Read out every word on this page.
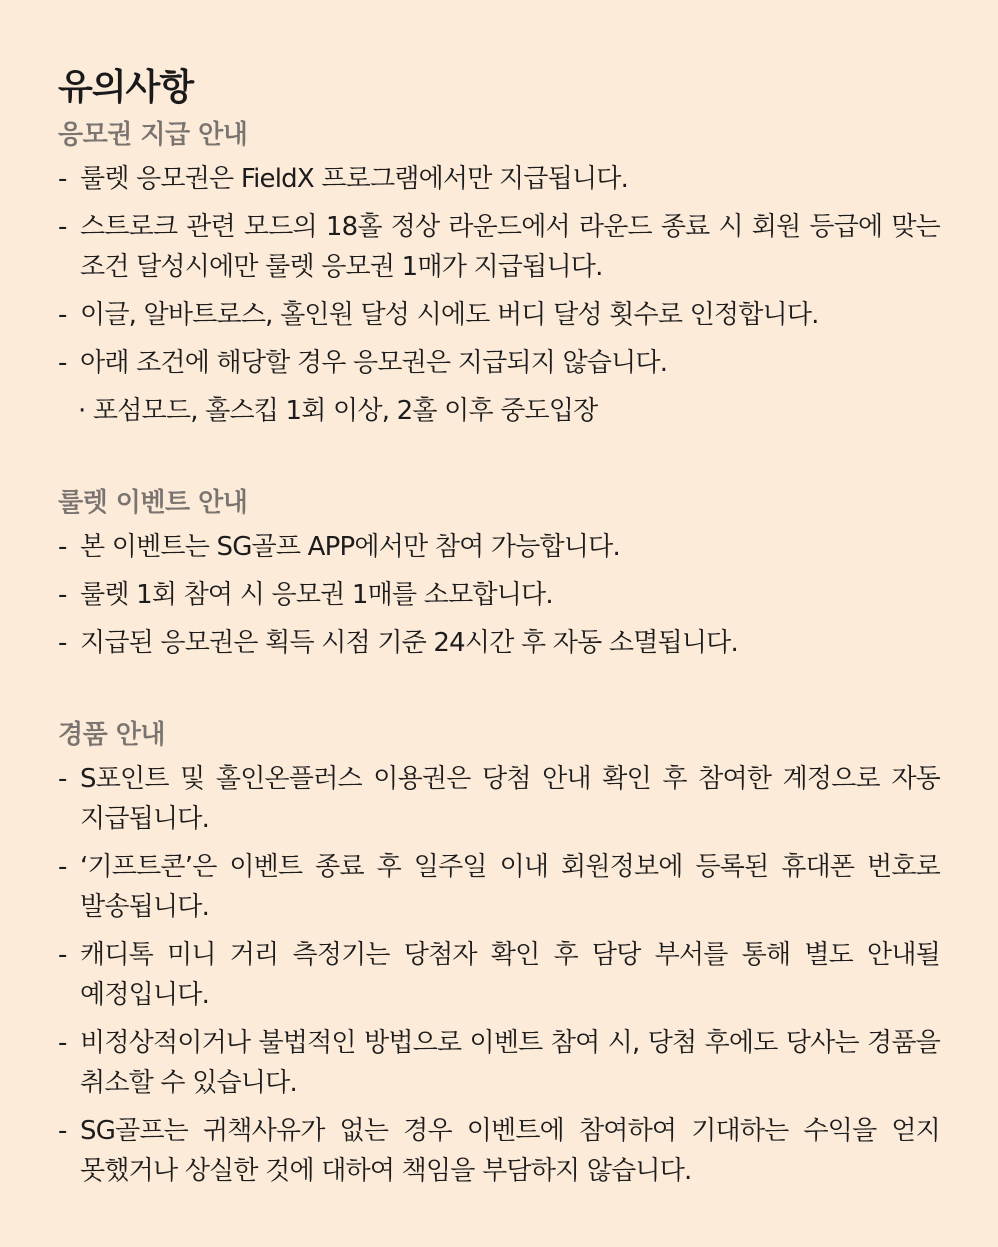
유의사항
응모권 지급 안내
- 룰렛 응모권은 FieldX 프로그램에서만 지급됩니다.
- 스트로크 관련 모드의 18홀 정상 라운드에서 라운드 종료 시 회원 등급에 맞는 조건 달성시에만 룰렛 응모권 1매가 지급됩니다.
- 이글, 알바트로스, 홀인원 달성 시에도 버디 달성 횟수로 인정합니다.
- 아래 조건에 해당할 경우 응모권은 지급되지 않습니다.
· 포섬모드, 홀스킵 1회 이상, 2홀 이후 중도입장
룰렛 이벤트 안내
- 본 이벤트는 SG골프 APP에서만 참여 가능합니다.
- 룰렛 1회 참여 시 응모권 1매를 소모합니다.
- 지급된 응모권은 획득 시점 기준 24시간 후 자동 소멸됩니다.
경품 안내
- S포인트 및 홀인온플러스 이용권은 당첨 안내 확인 후 참여한 계정으로 자동 지급됩니다.
- ‘기프트콘’은 이벤트 종료 후 일주일 이내 회원정보에 등록된 휴대폰 번호로 발송됩니다.
- 캐디톡 미니 거리 측정기는 당첨자 확인 후 담당 부서를 통해 별도 안내될 예정입니다.
- 비정상적이거나 불법적인 방법으로 이벤트 참여 시, 당첨 후에도 당사는 경품을 취소할 수 있습니다.
- SG골프는 귀책사유가 없는 경우 이벤트에 참여하여 기대하는 수익을 얻지 못했거나 상실한 것에 대하여 책임을 부담하지 않습니다.
